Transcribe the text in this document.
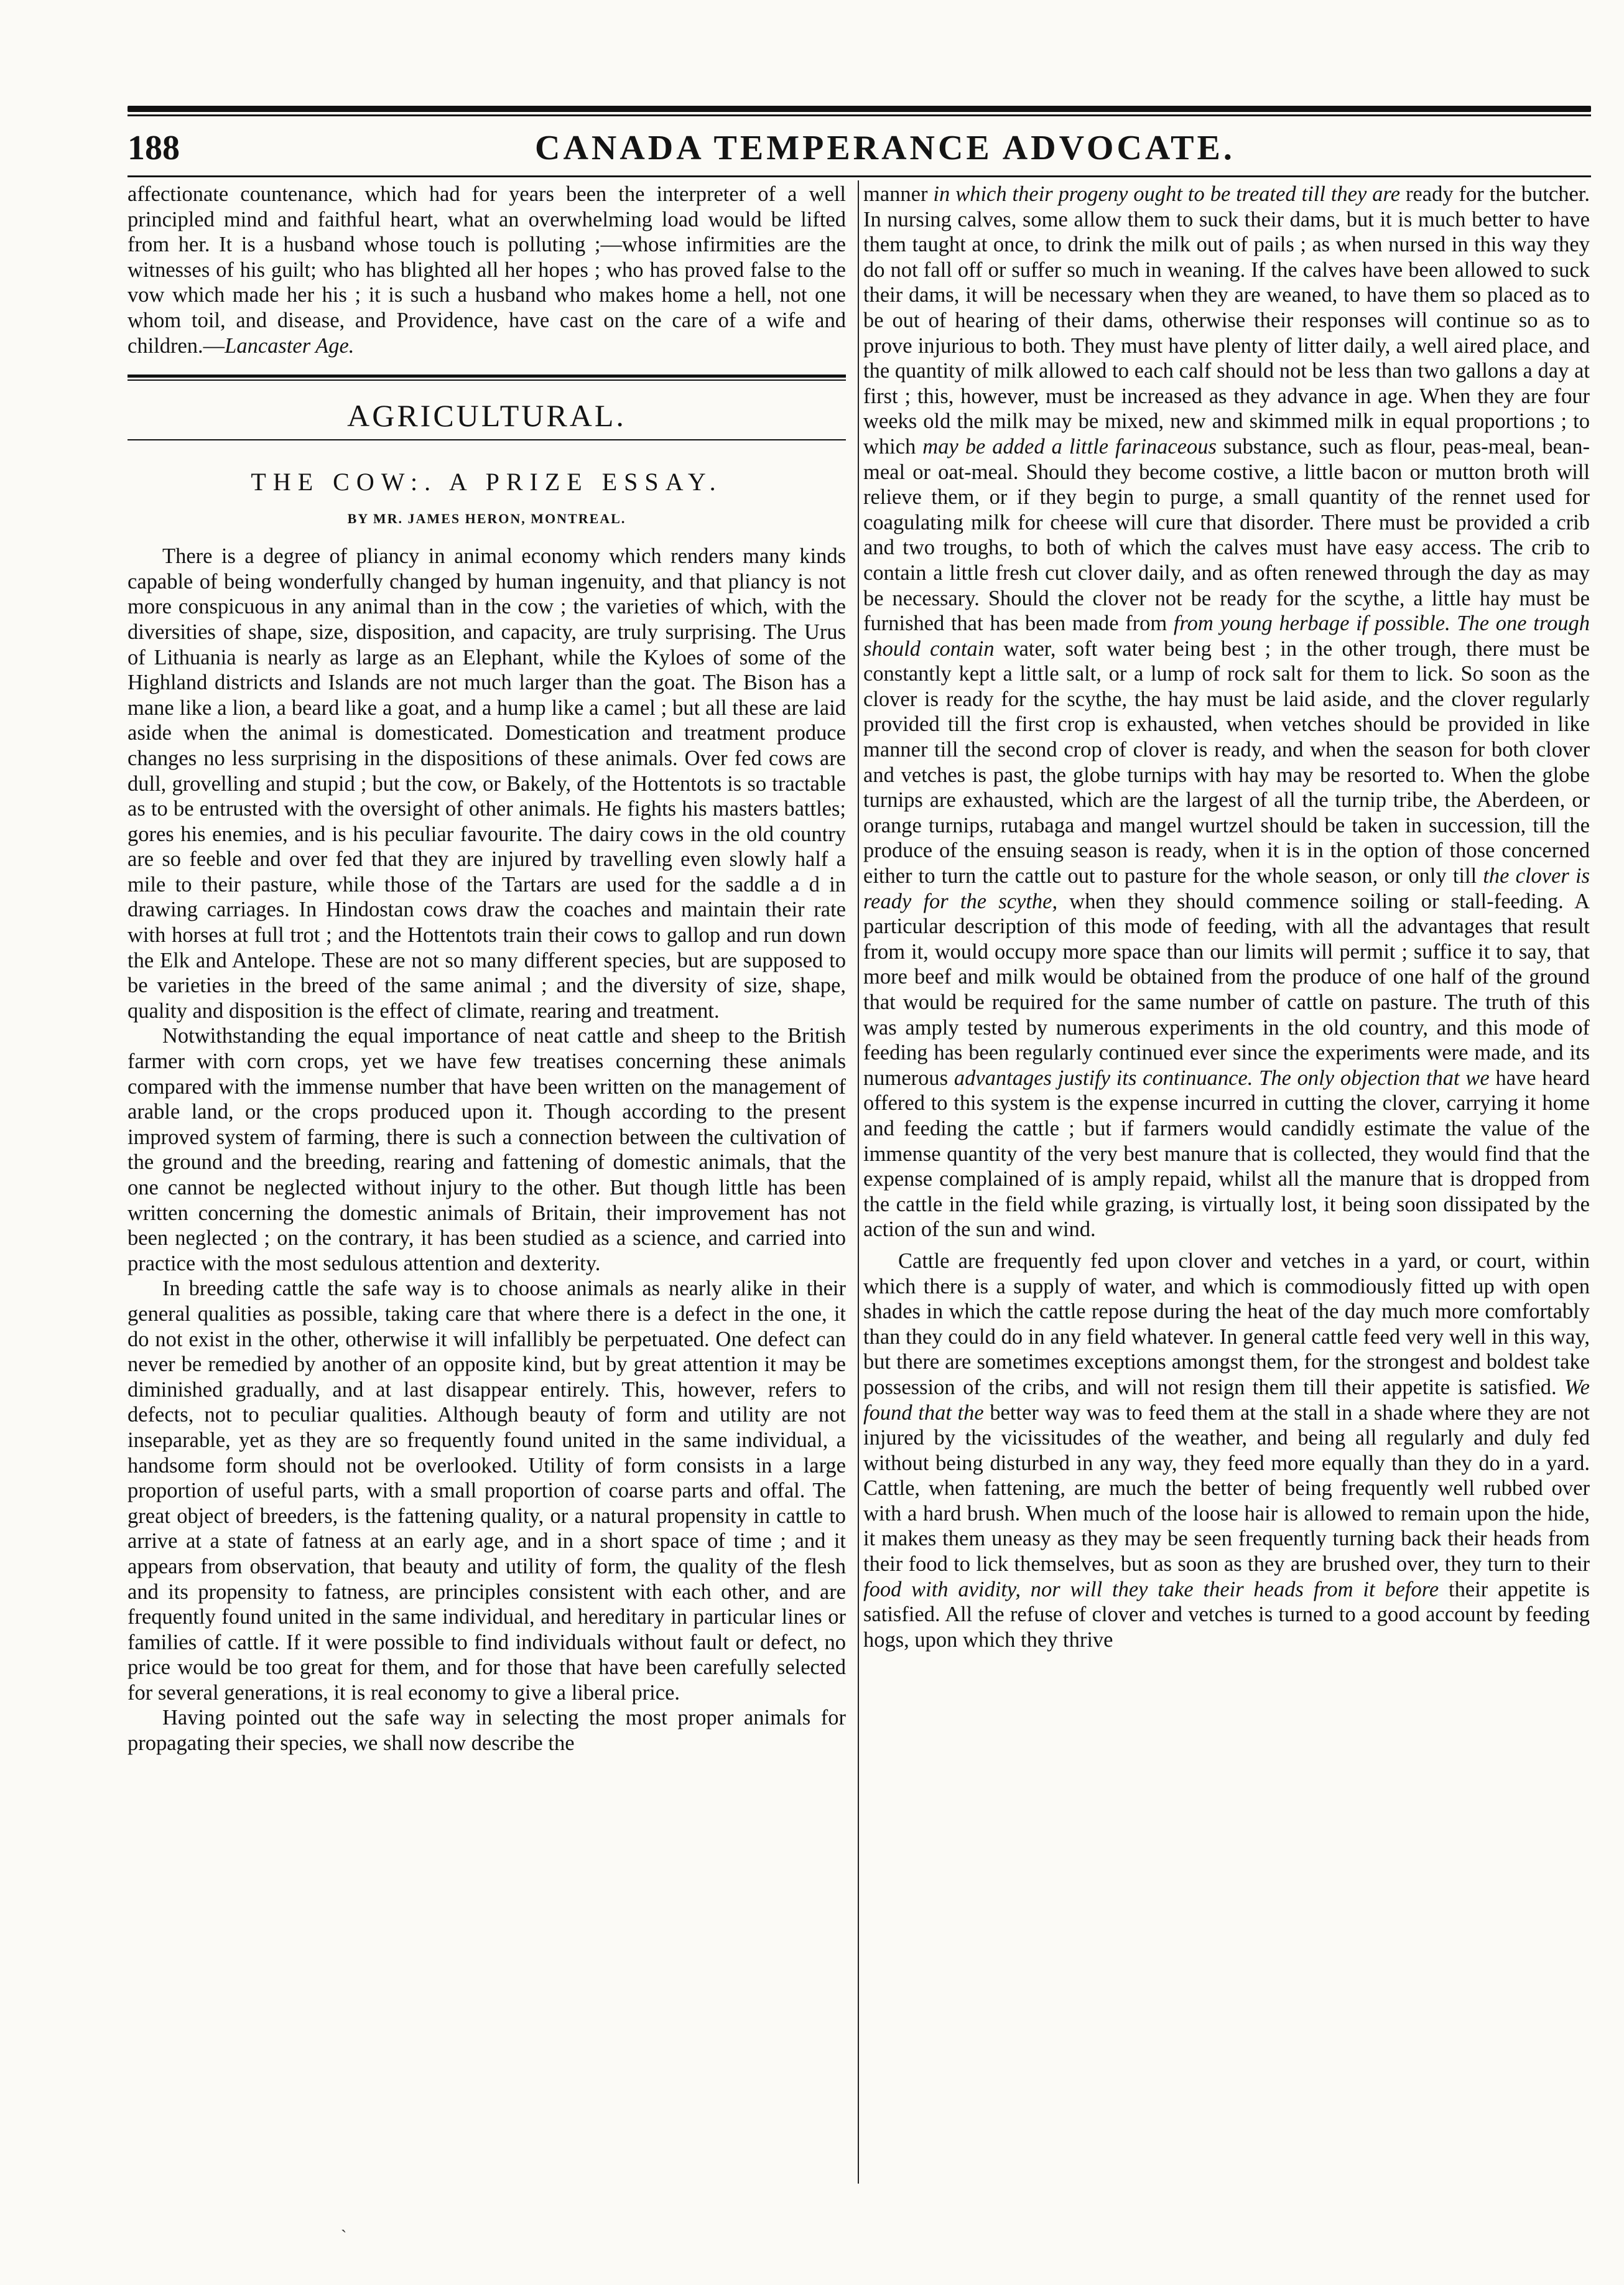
188	CANADA TEMPERANCE ADVOCATE.

affectionate countenance, which had for years been the interpreter of a well principled mind and faithful heart, what an overwhelming load would be lifted from her. It is a husband whose touch is polluting ;—whose infirmities are the witnesses of his guilt; who has blighted all her hopes ; who has proved false to the vow which made her his ; it is such a husband who makes home a hell, not one whom toil, and disease, and Providence, have cast on the care of a wife and children.—Lancaster Age.

AGRICULTURAL.
THE COW:. A PRIZE ESSAY.
BY MR. JAMES HERON, MONTREAL.

There is a degree of pliancy in animal economy which renders many kinds capable of being wonderfully changed by human ingenuity, and that pliancy is not more conspicuous in any animal than in the cow ; the varieties of which, with the diversities of shape, size, disposition, and capacity, are truly surprising. The Urus of Lithuania is nearly as large as an Elephant, while the Kyloes of some of the Highland districts and Islands are not much larger than the goat. The Bison has a mane like a lion, a beard like a goat, and a hump like a camel ; but all these are laid aside when the animal is domesticated. Domestication and treatment produce changes no less surprising in the dispositions of these animals. Over fed cows are dull, grovelling and stupid ; but the cow, or Bakely, of the Hottentots is so tractable as to be entrusted with the oversight of other animals. He fights his masters battles; gores his enemies, and is his peculiar favourite. The dairy cows in the old country are so feeble and over fed that they are injured by travelling even slowly half a mile to their pasture, while those of the Tartars are used for the saddle a d in drawing carriages. In Hindostan cows draw the coaches and maintain their rate with horses at full trot ; and the Hottentots train their cows to gallop and run down the Elk and Antelope. These are not so many different species, but are supposed to be varieties in the breed of the same animal ; and the diversity of size, shape, quality and disposition is the effect of climate, rearing and treatment.

Notwithstanding the equal importance of neat cattle and sheep to the British farmer with corn crops, yet we have few treatises concerning these animals compared with the immense number that have been written on the management of arable land, or the crops produced upon it. Though according to the present improved system of farming, there is such a connection between the cultivation of the ground and the breeding, rearing and fattening of domestic animals, that the one cannot be neglected without injury to the other. But though little has been written concerning the domestic animals of Britain, their improvement has not been neglected ; on the contrary, it has been studied as a science, and carried into practice with the most sedulous attention and dexterity.

In breeding cattle the safe way is to choose animals as nearly alike in their general qualities as possible, taking care that where there is a defect in the one, it do not exist in the other, otherwise it will infallibly be perpetuated. One defect can never be remedied by another of an opposite kind, but by great attention it may be diminished gradually, and at last disappear entirely. This, however, refers to defects, not to peculiar qualities. Although beauty of form and utility are not inseparable, yet as they are so frequently found united in the same individual, a handsome form should not be overlooked. Utility of form consists in a large proportion of useful parts, with a small proportion of coarse parts and offal. The great object of breeders, is the fattening quality, or a natural propensity in cattle to arrive at a state of fatness at an early age, and in a short space of time ; and it appears from observation, that beauty and utility of form, the quality of the flesh and its propensity to fatness, are principles consistent with each other, and are frequently found united in the same individual, and hereditary in particular lines or families of cattle. If it were possible to find individuals without fault or defect, no price would be too great for them, and for those that have been carefully selected for several generations, it is real economy to give a liberal price.

Having pointed out the safe way in selecting the most proper animals for propagating their species, we shall now describe the

manner in which their progeny ought to be treated till they are ready for the butcher. In nursing calves, some allow them to suck their dams, but it is much better to have them taught at once, to drink the milk out of pails ; as when nursed in this way they do not fall off or suffer so much in weaning. If the calves have been allowed to suck their dams, it will be necessary when they are weaned, to have them so placed as to be out of hearing of their dams, otherwise their responses will continue so as to prove injurious to both. They must have plenty of litter daily, a well aired place, and the quantity of milk allowed to each calf should not be less than two gallons a day at first ; this, however, must be increased as they advance in age. When they are four weeks old the milk may be mixed, new and skimmed milk in equal proportions ; to which may be added a little farinaceous substance, such as flour, peas-meal, bean-meal or oat-meal. Should they become costive, a little bacon or mutton broth will relieve them, or if they begin to purge, a small quantity of the rennet used for coagulating milk for cheese will cure that disorder. There must be provided a crib and two troughs, to both of which the calves must have easy access. The crib to contain a little fresh cut clover daily, and as often renewed through the day as may be necessary. Should the clover not be ready for the scythe, a little hay must be furnished that has been made from from young herbage if possible. The one trough should contain water, soft water being best ; in the other trough, there must be constantly kept a little salt, or a lump of rock salt for them to lick. So soon as the clover is ready for the scythe, the hay must be laid aside, and the clover regularly provided till the first crop is exhausted, when vetches should be provided in like manner till the second crop of clover is ready, and when the season for both clover and vetches is past, the globe turnips with hay may be resorted to. When the globe turnips are exhausted, which are the largest of all the turnip tribe, the Aberdeen, or orange turnips, rutabaga and mangel wurtzel should be taken in succession, till the produce of the ensuing season is ready, when it is in the option of those concerned either to turn the cattle out to pasture for the whole season, or only till the clover is ready for the scythe, when they should commence soiling or stall-feeding. A particular description of this mode of feeding, with all the advantages that result from it, would occupy more space than our limits will permit ; suffice it to say, that more beef and milk would be obtained from the produce of one half of the ground that would be required for the same number of cattle on pasture. The truth of this was amply tested by numerous experiments in the old country, and this mode of feeding has been regularly continued ever since the experiments were made, and its numerous advantages justify its continuance. The only objection that we have heard offered to this system is the expense incurred in cutting the clover, carrying it home and feeding the cattle ; but if farmers would candidly estimate the value of the immense quantity of the very best manure that is collected, they would find that the expense complained of is amply repaid, whilst all the manure that is dropped from the cattle in the field while grazing, is virtually lost, it being soon dissipated by the action of the sun and wind.

Cattle are frequently fed upon clover and vetches in a yard, or court, within which there is a supply of water, and which is commodiously fitted up with open shades in which the cattle repose during the heat of the day much more comfortably than they could do in any field whatever. In general cattle feed very well in this way, but there are sometimes exceptions amongst them, for the strongest and boldest take possession of the cribs, and will not resign them till their appetite is satisfied. We found that the better way was to feed them at the stall in a shade where they are not injured by the vicissitudes of the weather, and being all regularly and duly fed without being disturbed in any way, they feed more equally than they do in a yard. Cattle, when fattening, are much the better of being frequently well rubbed over with a hard brush. When much of the loose hair is allowed to remain upon the hide, it makes them uneasy as they may be seen frequently turning back their heads from their food to lick themselves, but as soon as they are brushed over, they turn to their food with avidity, nor will they take their heads from it before their appetite is satisfied. All the refuse of clover and vetches is turned to a good account by feeding hogs, upon which they thrive

`
